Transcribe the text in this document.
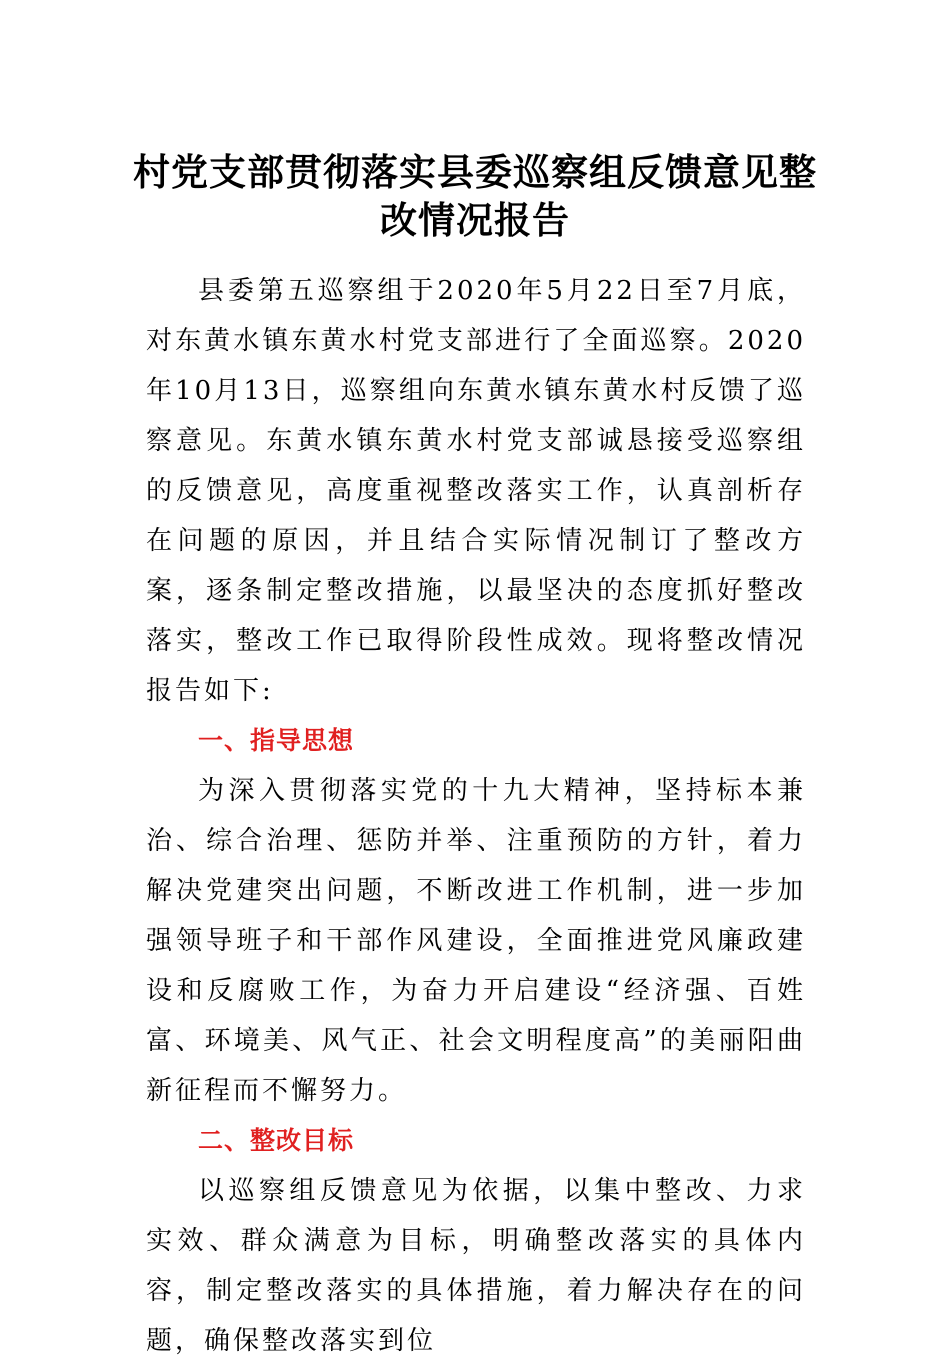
村党支部贯彻落实县委巡察组反馈意见整
改情况报告

县委第五巡察组于2020年5月22日至7月底，对东黄水镇东黄水村党支部进行了全面巡察。2020年10月13日，巡察组向东黄水镇东黄水村反馈了巡察意见。东黄水镇东黄水村党支部诚恳接受巡察组的反馈意见，高度重视整改落实工作，认真剖析存在问题的原因，并且结合实际情况制订了整改方案，逐条制定整改措施，以最坚决的态度抓好整改落实，整改工作已取得阶段性成效。现将整改情况报告如下:

一、指导思想

为深入贯彻落实党的十九大精神，坚持标本兼治、综合治理、惩防并举、注重预防的方针，着力解决党建突出问题，不断改进工作机制，进一步加强领导班子和干部作风建设，全面推进党风廉政建设和反腐败工作，为奋力开启建设“经济强、百姓富、环境美、风气正、社会文明程度高”的美丽阳曲新征程而不懈努力。

二、整改目标

以巡察组反馈意见为依据，以集中整改、力求实效、群众满意为目标，明确整改落实的具体内容，制定整改落实的具体措施，着力解决存在的问题，确保整改落实到位
